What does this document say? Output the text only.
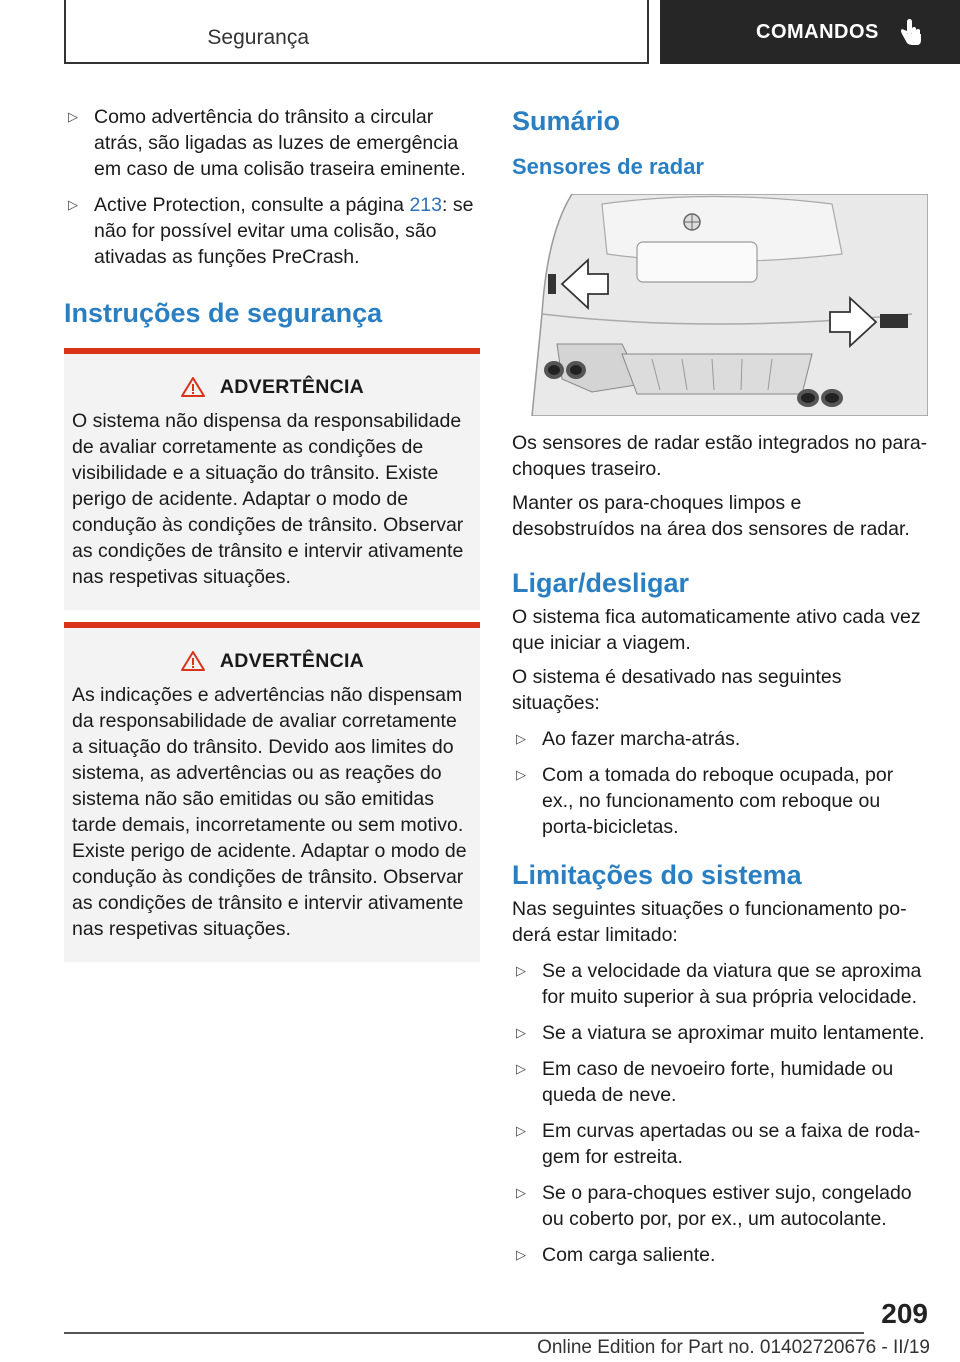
Segurança	COMANDOS
▷ Como advertência do trânsito a circular atrás, são ligadas as luzes de emergência em caso de uma colisão traseira eminente.
▷ Active Protection, consulte a página 213: se não for possível evitar uma colisão, são ativadas as funções PreCrash.
Instruções de segurança
ADVERTÊNCIA
O sistema não dispensa da responsabilidade de avaliar corretamente as condições de visibilidade e a situação do trânsito. Existe perigo de acidente. Adaptar o modo de condução às condições de trânsito. Observar as condições de trânsito e intervir ativamente nas respetivas situações.
ADVERTÊNCIA
As indicações e advertências não dispensam da responsabilidade de avaliar corretamente a situação do trânsito. Devido aos limites do sistema, as advertências ou as reações do sistema não são emitidas ou são emitidas tarde demais, incorretamente ou sem motivo. Existe perigo de acidente. Adaptar o modo de condução às condições de trânsito. Observar as condições de trânsito e intervir ativamente nas respetivas situações.
Sumário
Sensores de radar

Os sensores de radar estão integrados no para-choques traseiro.

Manter os para-choques limpos e desobstruídos na área dos sensores de radar.

Ligar/desligar

O sistema fica automaticamente ativo cada vez que iniciar a viagem.

O sistema é desativado nas seguintes situações:

▷ Ao fazer marcha-atrás.
▷ Com a tomada do reboque ocupada, por ex., no funcionamento com reboque ou porta-bicicletas.
Limitações do sistema

Nas seguintes situações o funcionamento poderá estar limitado:

▷ Se a velocidade da viatura que se aproxima for muito superior à sua própria velocidade.
▷ Se a viatura se aproximar muito lentamente.
▷ Em caso de nevoeiro forte, humidade ou queda de neve.
▷ Em curvas apertadas ou se a faixa de rodagem for estreita.
▷ Se o para-choques estiver sujo, congelado ou coberto por, por ex., um autocolante.
▷ Com carga saliente.
209
Online Edition for Part no. 01402720676 - II/19
